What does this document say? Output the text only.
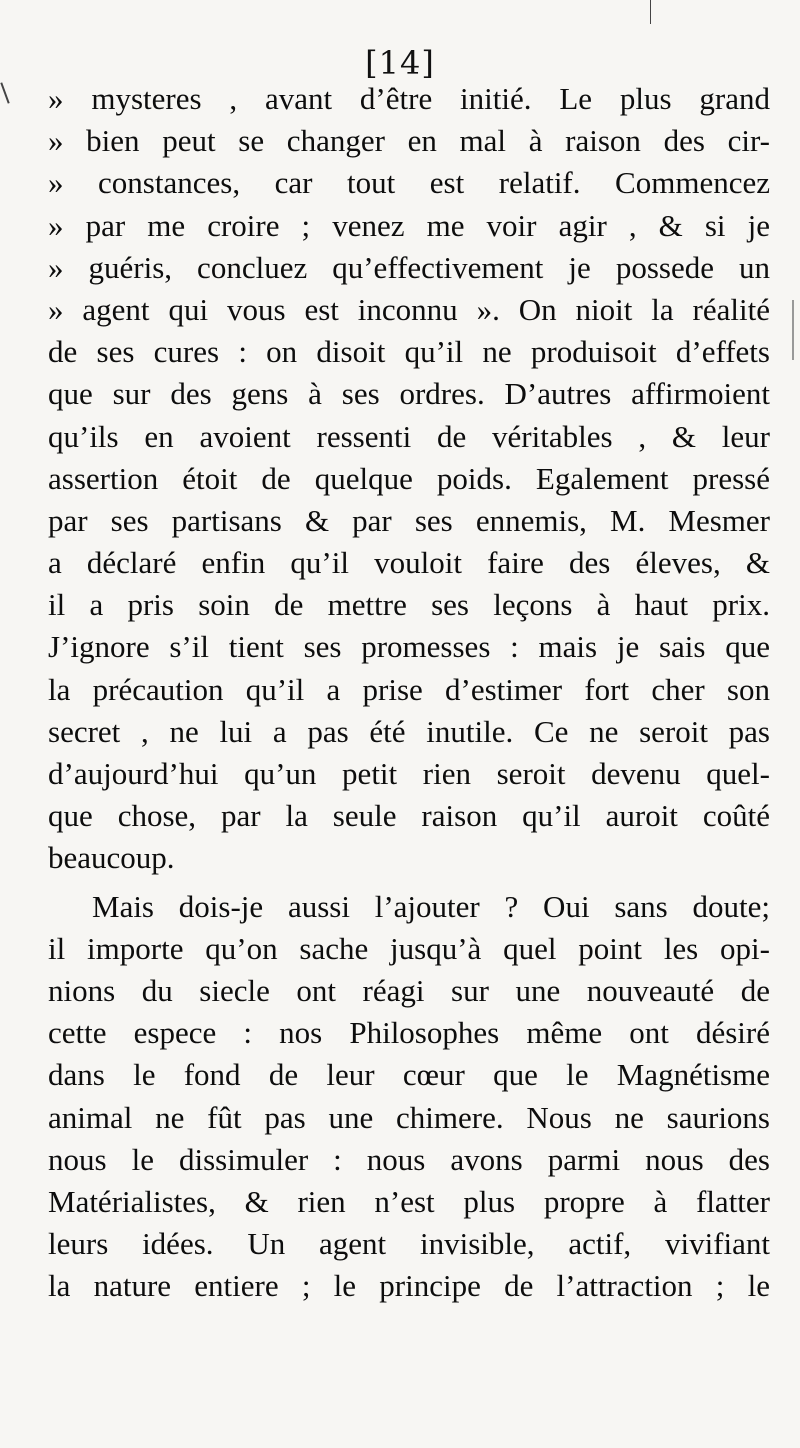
[14]
» mysteres , avant d’être initié. Le plus grand
» bien peut se changer en mal à raison des cir-
» constances, car tout est relatif. Commencez
» par me croire ; venez me voir agir , & si je
» guéris, concluez qu’effectivement je possede un
» agent qui vous est inconnu ». On nioit la réalité
de ses cures : on disoit qu’il ne produisoit d’effets
que sur des gens à ses ordres. D’autres affirmoient
qu’ils en avoient ressenti de véritables , & leur
assertion étoit de quelque poids. Egalement pressé
par ses partisans & par ses ennemis, M. Mesmer
a déclaré enfin qu’il vouloit faire des éleves, &
il a pris soin de mettre ses leçons à haut prix.
J’ignore s’il tient ses promesses : mais je sais que
la précaution qu’il a prise d’estimer fort cher son
secret , ne lui a pas été inutile. Ce ne seroit pas
d’aujourd’hui qu’un petit rien seroit devenu quel-
que chose, par la seule raison qu’il auroit coûté
beaucoup.
Mais dois-je aussi l’ajouter ? Oui sans doute;
il importe qu’on sache jusqu’à quel point les opi-
nions du siecle ont réagi sur une nouveauté de
cette espece : nos Philosophes même ont désiré
dans le fond de leur cœur que le Magnétisme
animal ne fût pas une chimere. Nous ne saurions
nous le dissimuler : nous avons parmi nous des
Matérialistes, & rien n’est plus propre à flatter
leurs idées. Un agent invisible, actif, vivifiant
la nature entiere ; le principe de l’attraction ; le
